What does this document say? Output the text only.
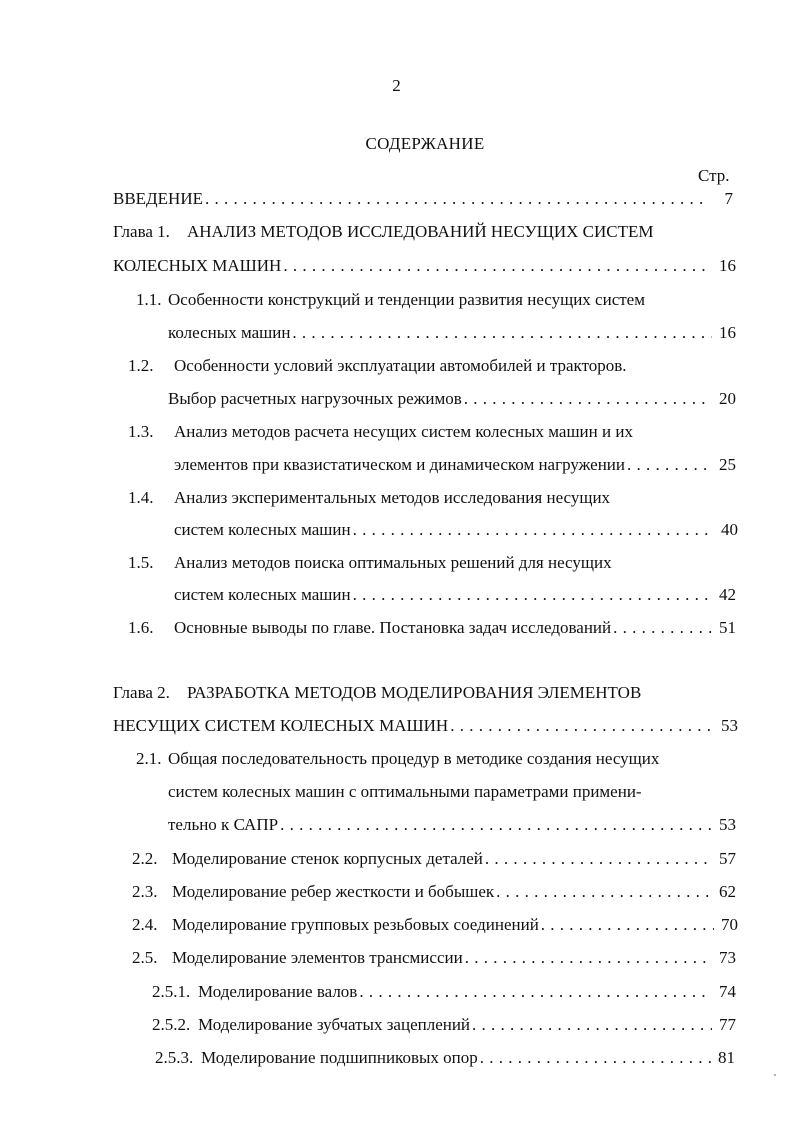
2
СОДЕРЖАНИЕ
Стр.
ВВЕДЕНИЕ . . .	7
Глава 1.	АНАЛИЗ МЕТОДОВ ИССЛЕДОВАНИЙ НЕСУЩИХ СИСТЕМ
КОЛЕСНЫХ МАШИН . . .	16
1.1. Особенности конструкций и тенденции развития несущих систем
колесных машин . . .	16
1.2.	Особенности условий эксплуатации автомобилей и тракторов.
Выбор расчетных нагрузочных режимов . . .	20
1.3.	Анализ методов расчета несущих систем колесных машин и их
элементов при квазистатическом и динамическом нагружении . . .	25
1.4.	Анализ экспериментальных методов исследования несущих
систем колесных машин . . .	40
1.5.	Анализ методов поиска оптимальных решений для несущих
систем колесных машин . . .	42
1.6.	Основные выводы по главе. Постановка задач исследований . . .	51
Глава 2.	РАЗРАБОТКА МЕТОДОВ МОДЕЛИРОВАНИЯ ЭЛЕМЕНТОВ
НЕСУЩИХ СИСТЕМ КОЛЕСНЫХ МАШИН . . .	53
2.1. Общая последовательность процедур в методике создания несущих
систем колесных машин с оптимальными параметрами примени-
тельно к САПР . . .	53
2.2. Моделирование стенок корпусных деталей . . .	57
2.3. Моделирование ребер жесткости и бобышек . . .	62
2.4. Моделирование групповых резьбовых соединений . . .	70
2.5. Моделирование элементов трансмиссии . . .	73
2.5.1. Моделирование валов . . .	74
2.5.2. Моделирование зубчатых зацеплений . . .	77
2.5.3. Моделирование подшипниковых опор . . .	81
